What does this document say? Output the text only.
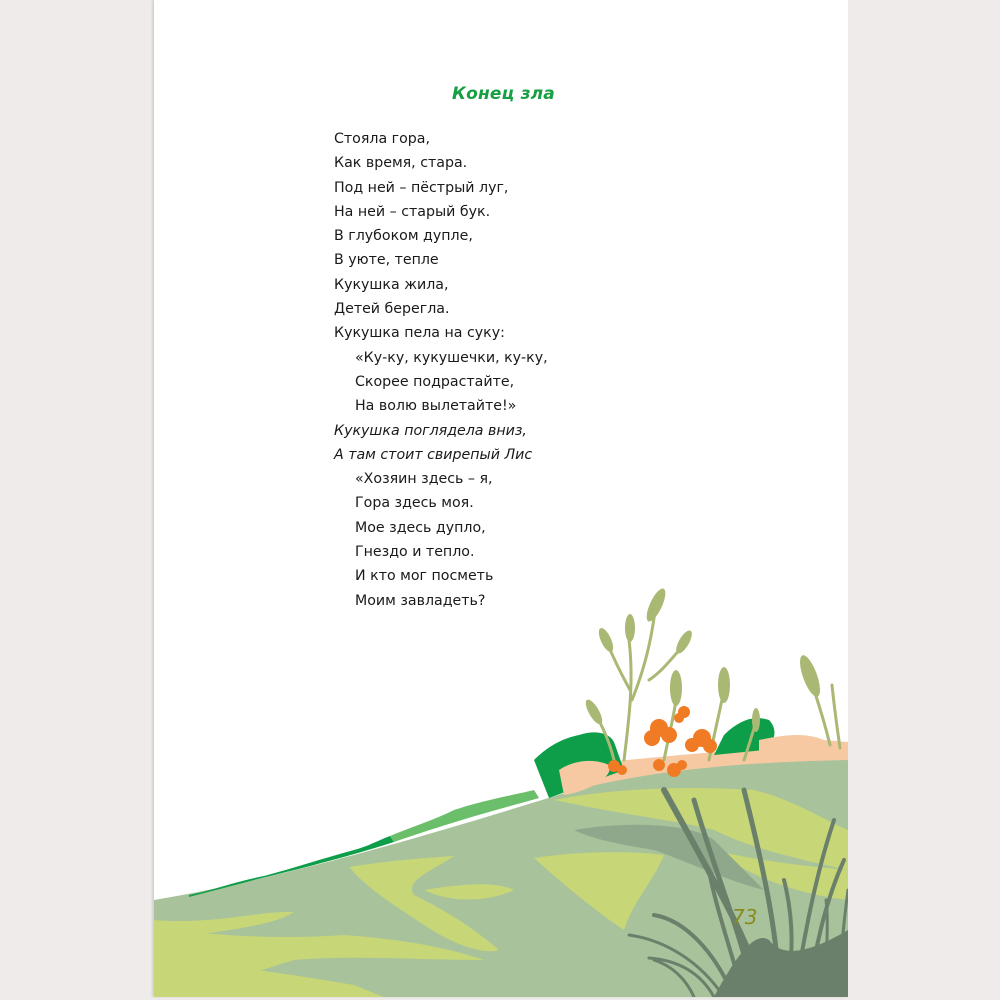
Конец зла
Стояла гора,
Как время, стара.
Под ней – пёстрый луг,
На ней – старый бук.
В глубоком дупле,
В уюте, тепле
Кукушка жила,
Детей берегла.
Кукушка пела на суку:
«Ку-ку, кукушечки, ку-ку,
Скорее подрастайте,
На волю вылетайте!»
Кукушка поглядела вниз,
А там стоит свирепый Лис
«Хозяин здесь – я,
Гора здесь моя.
Мое здесь дупло,
Гнездо и тепло.
И кто мог посметь
Моим завладеть?
73
